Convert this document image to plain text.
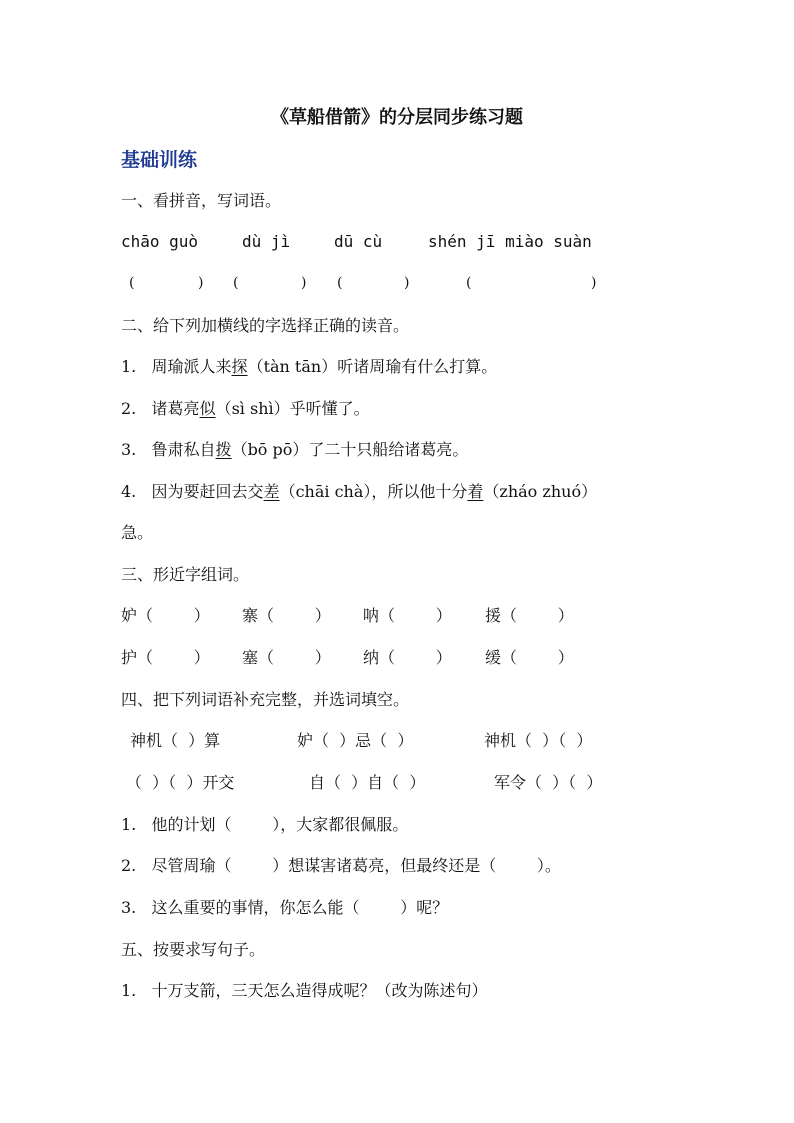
《草船借箭》的分层同步练习题
基础训练
一、看拼音，写词语。
chāo guò	dù jì	dū cù	shén jī miào suàn
(	) (	) (	)	(	)
二、给下列加横线的字选择正确的读音。
1. 周瑜派人来探（tàn tān）听诸周瑜有什么打算。
2. 诸葛亮似（sì shì）乎听懂了。
3. 鲁肃私自拨（bō pō）了二十只船给诸葛亮。
4. 因为要赶回去交差（chāi chà），所以他十分着（zháo zhuó）
急。
三、形近字组词。
妒（        ） 寨（        ） 呐（        ） 援（        ）
护（        ） 塞（        ） 纳（        ） 缓（        ）
四、把下列词语补充完整，并选词填空。
神机（  ）算	妒（  ）忌（  ）	神机（  ）（  ）
（  ）（  ）开交	自（  ）自（  ）	军令（  ）（  ）
1. 他的计划（        ），大家都很佩服。
2. 尽管周瑜（        ）想谋害诸葛亮，但最终还是（        ）。
3. 这么重要的事情，你怎么能（        ）呢？
五、按要求写句子。
1. 十万支箭，三天怎么造得成呢？（改为陈述句）
